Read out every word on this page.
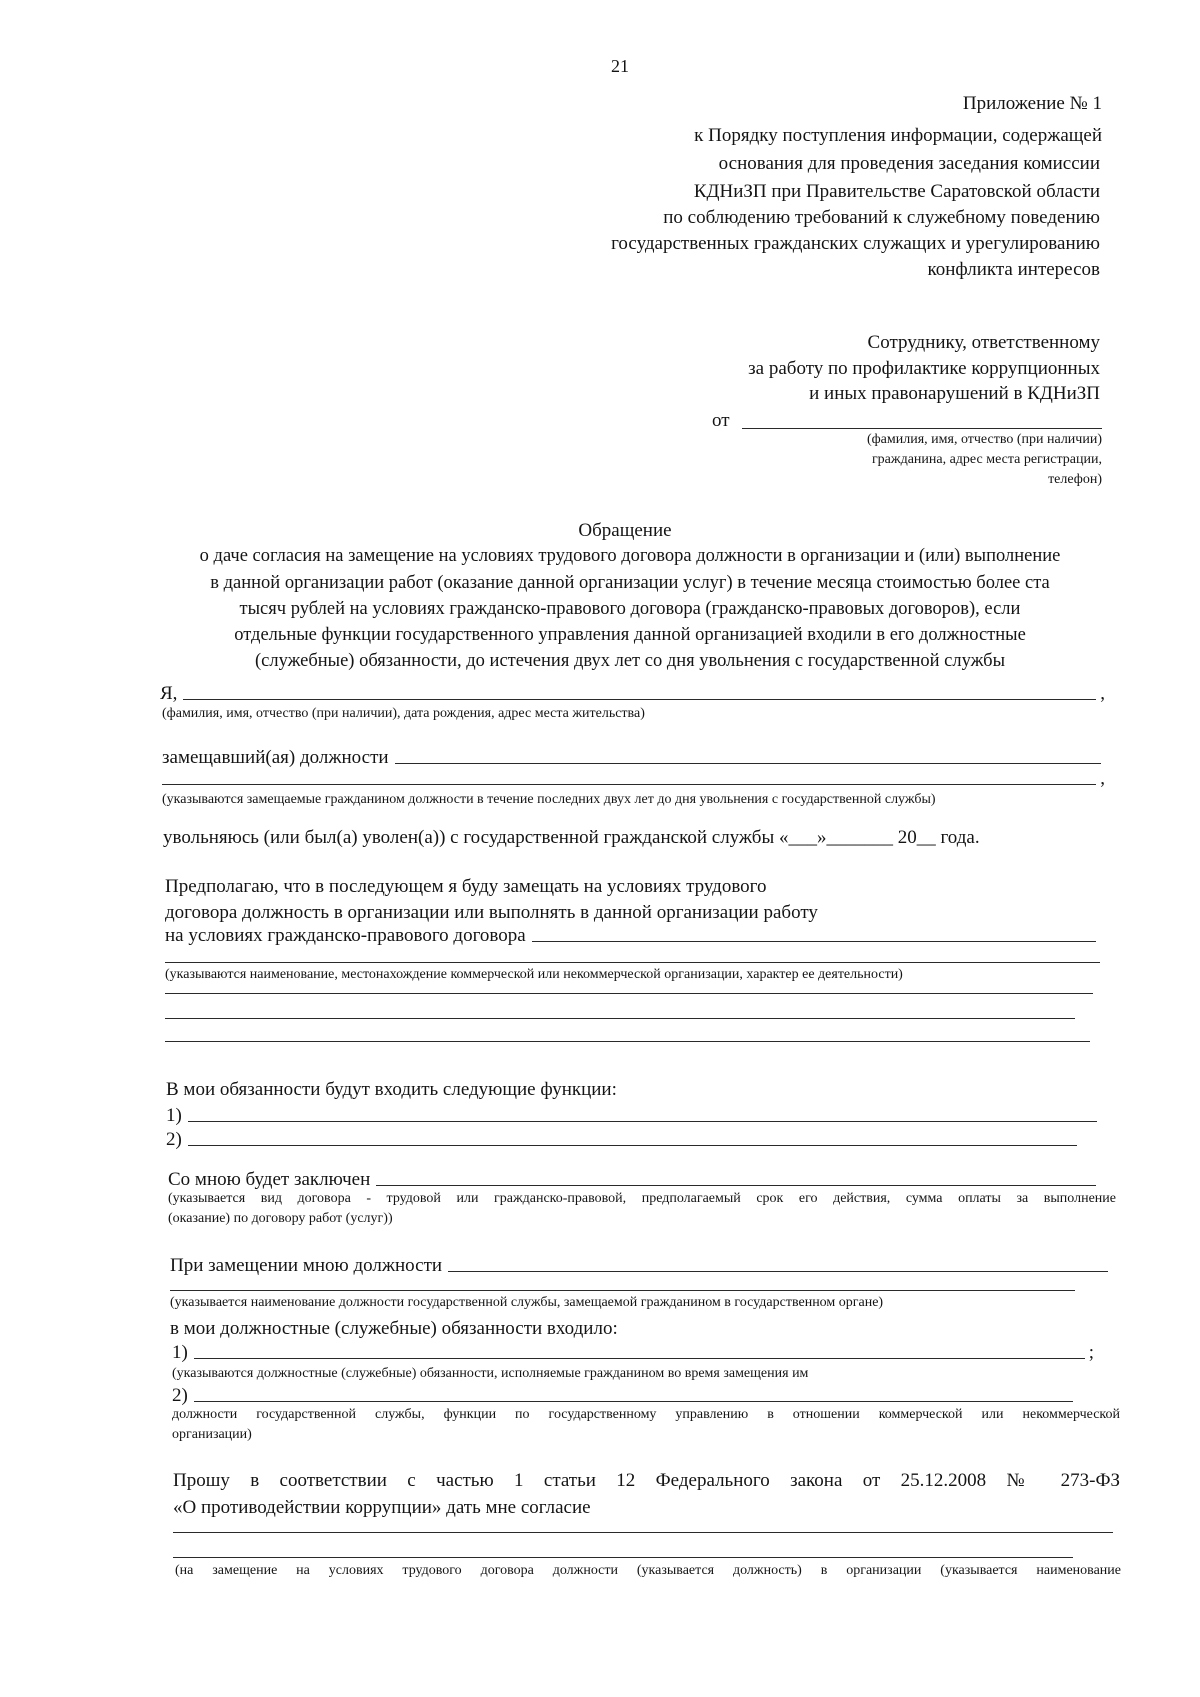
21
Приложение № 1
к Порядку поступления информации, содержащей
основания для проведения заседания комиссии
КДНиЗП при Правительстве Саратовской области
по соблюдению требований к служебному поведению
государственных гражданских служащих и урегулированию
конфликта интересов
Сотруднику, ответственному
за работу по профилактике коррупционных
и иных правонарушений в КДНиЗП
от
(фамилия, имя, отчество (при наличии)
гражданина, адрес места регистрации,
телефон)
Обращение
о даче согласия на замещение на условиях трудового договора должности в организации и (или) выполнение
в данной организации работ (оказание данной организации услуг) в течение месяца стоимостью более ста
тысяч рублей на условиях гражданско-правового договора (гражданско-правовых договоров), если
отдельные функции государственного управления данной организацией входили в его должностные
(служебные) обязанности, до истечения двух лет со дня увольнения с государственной службы
Я,	,
(фамилия, имя, отчество (при наличии), дата рождения, адрес места жительства)
замещавший(ая) должности
,
(указываются замещаемые гражданином должности в течение последних двух лет до дня увольнения с государственной службы)
увольняюсь (или был(а) уволен(а)) с государственной гражданской службы «___»_______ 20__ года.
Предполагаю, что в последующем я буду замещать на условиях трудового
договора должность в организации или выполнять в данной организации работу
на условиях гражданско-правового договора
(указываются наименование, местонахождение коммерческой или некоммерческой организации, характер ее деятельности)
В мои обязанности будут входить следующие функции:
1)
2)
Со мною будет заключен
(указывается вид договора - трудовой или гражданско-правовой, предполагаемый срок его действия, сумма оплаты за выполнение
(оказание) по договору работ (услуг))
При замещении мною должности
(указывается наименование должности государственной службы, замещаемой гражданином в государственном органе)
в мои должностные (служебные) обязанности входило:
1)	;
(указываются должностные (служебные) обязанности, исполняемые гражданином во время замещения им
2)
должности государственной службы, функции по государственному управлению в отношении коммерческой или некоммерческой
организации)
Прошу в соответствии с частью 1 статьи 12 Федерального закона от 25.12.2008 № 273-ФЗ
«О противодействии коррупции» дать мне согласие
(на замещение на условиях трудового договора должности (указывается должность) в организации (указывается наименование
